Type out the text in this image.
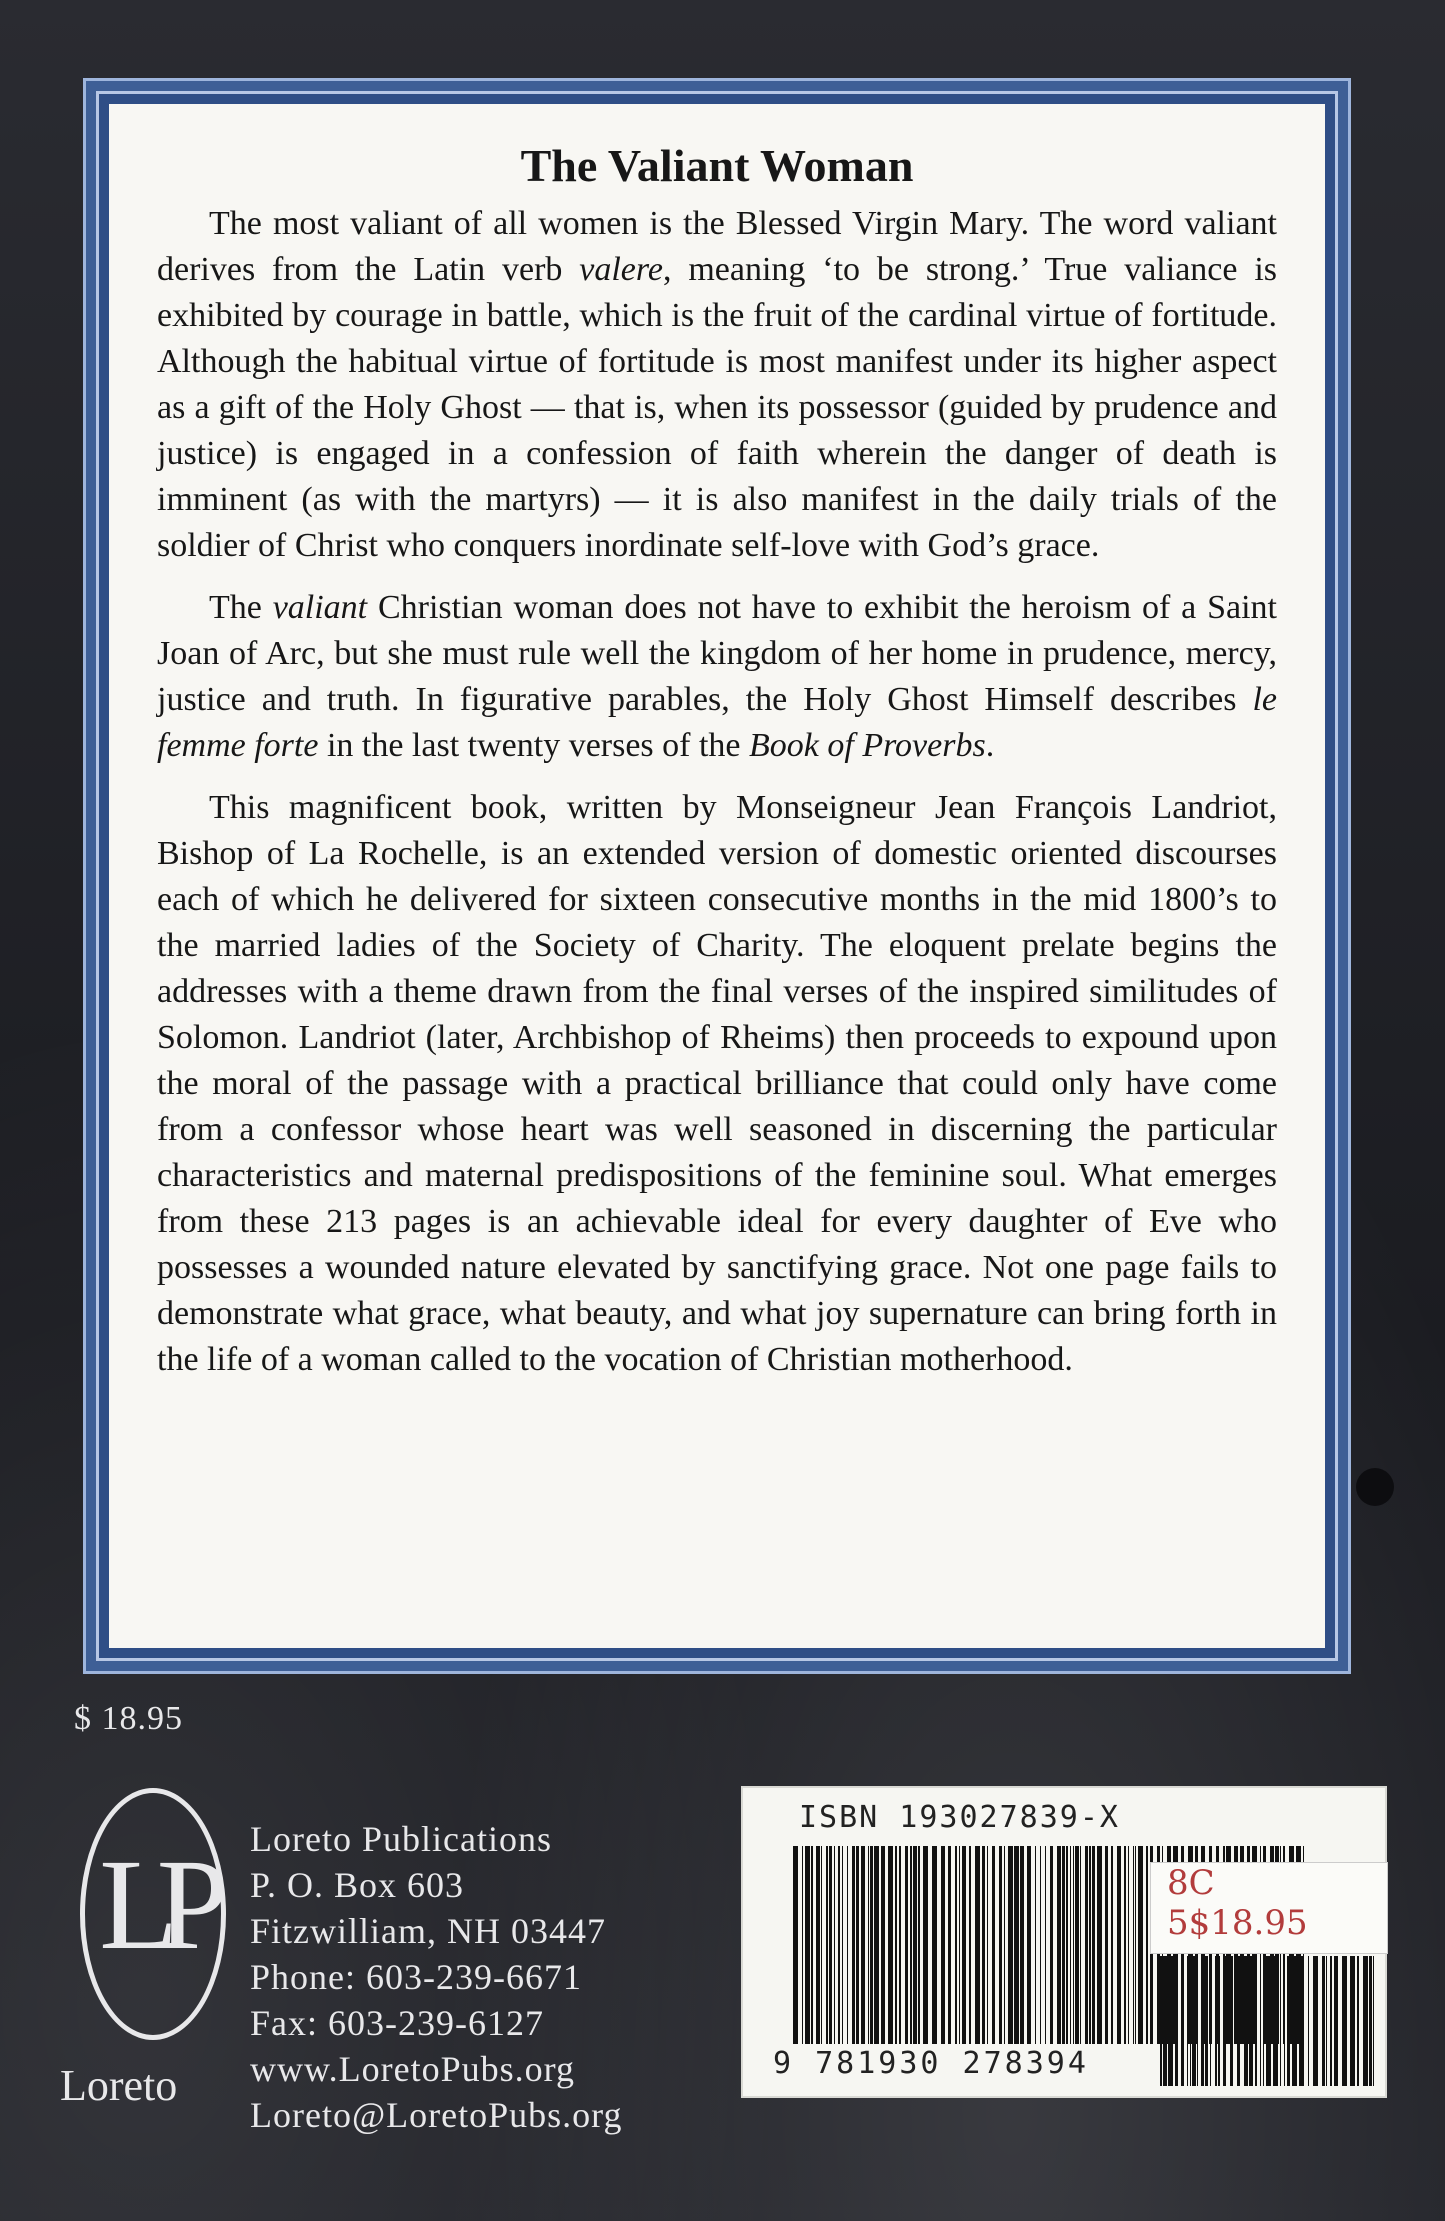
The Valiant Woman

The most valiant of all women is the Blessed Virgin Mary. The word valiant derives from the Latin verb valere, meaning ‘to be strong.’ True valiance is exhibited by courage in battle, which is the fruit of the cardinal virtue of fortitude. Although the habitual virtue of fortitude is most manifest under its higher aspect as a gift of the Holy Ghost — that is, when its possessor (guided by prudence and justice) is engaged in a confession of faith wherein the danger of death is imminent (as with the martyrs) — it is also manifest in the daily trials of the soldier of Christ who conquers inordinate self-love with God’s grace.

The valiant Christian woman does not have to exhibit the heroism of a Saint Joan of Arc, but she must rule well the kingdom of her home in prudence, mercy, justice and truth. In figurative parables, the Holy Ghost Himself describes le femme forte in the last twenty verses of the Book of Proverbs.

This magnificent book, written by Monseigneur Jean François Landriot, Bishop of La Rochelle, is an extended version of domestic oriented discourses each of which he delivered for sixteen consecutive months in the mid 1800’s to the married ladies of the Society of Charity. The eloquent prelate begins the addresses with a theme drawn from the final verses of the inspired similitudes of Solomon. Landriot (later, Archbishop of Rheims) then proceeds to expound upon the moral of the passage with a practical brilliance that could only have come from a confessor whose heart was well seasoned in discerning the particular characteristics and maternal predispositions of the feminine soul. What emerges from these 213 pages is an achievable ideal for every daughter of Eve who possesses a wounded nature elevated by sanctifying grace. Not one page fails to demonstrate what grace, what beauty, and what joy supernature can bring forth in the life of a woman called to the vocation of Christian motherhood.

$ 18.95
LP
Loreto
Loreto Publications
P. O. Box 603
Fitzwilliam, NH 03447
Phone: 603-239-6671
Fax: 603-239-6127
www.LoretoPubs.org
Loreto@LoretoPubs.org
ISBN 193027839-X
9 781930 278394
8C
5$18.95
